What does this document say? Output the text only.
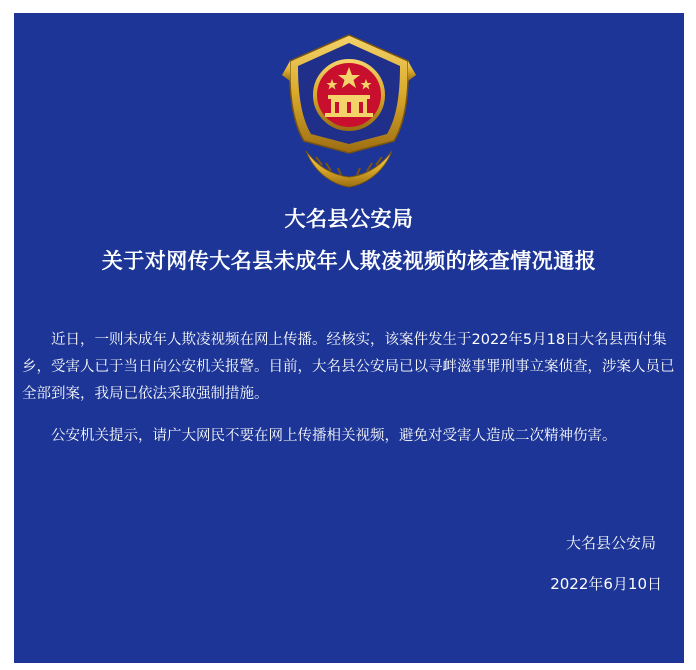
大名县公安局
关于对网传大名县未成年人欺凌视频的核查情况通报

近日，一则未成年人欺凌视频在网上传播。经核实，该案件发生于2022年5月18日大名县西付集乡，受害人已于当日向公安机关报警。目前，大名县公安局已以寻衅滋事罪刑事立案侦查，涉案人员已全部到案，我局已依法采取强制措施。

公安机关提示，请广大网民不要在网上传播相关视频，避免对受害人造成二次精神伤害。

大名县公安局
2022年6月10日
